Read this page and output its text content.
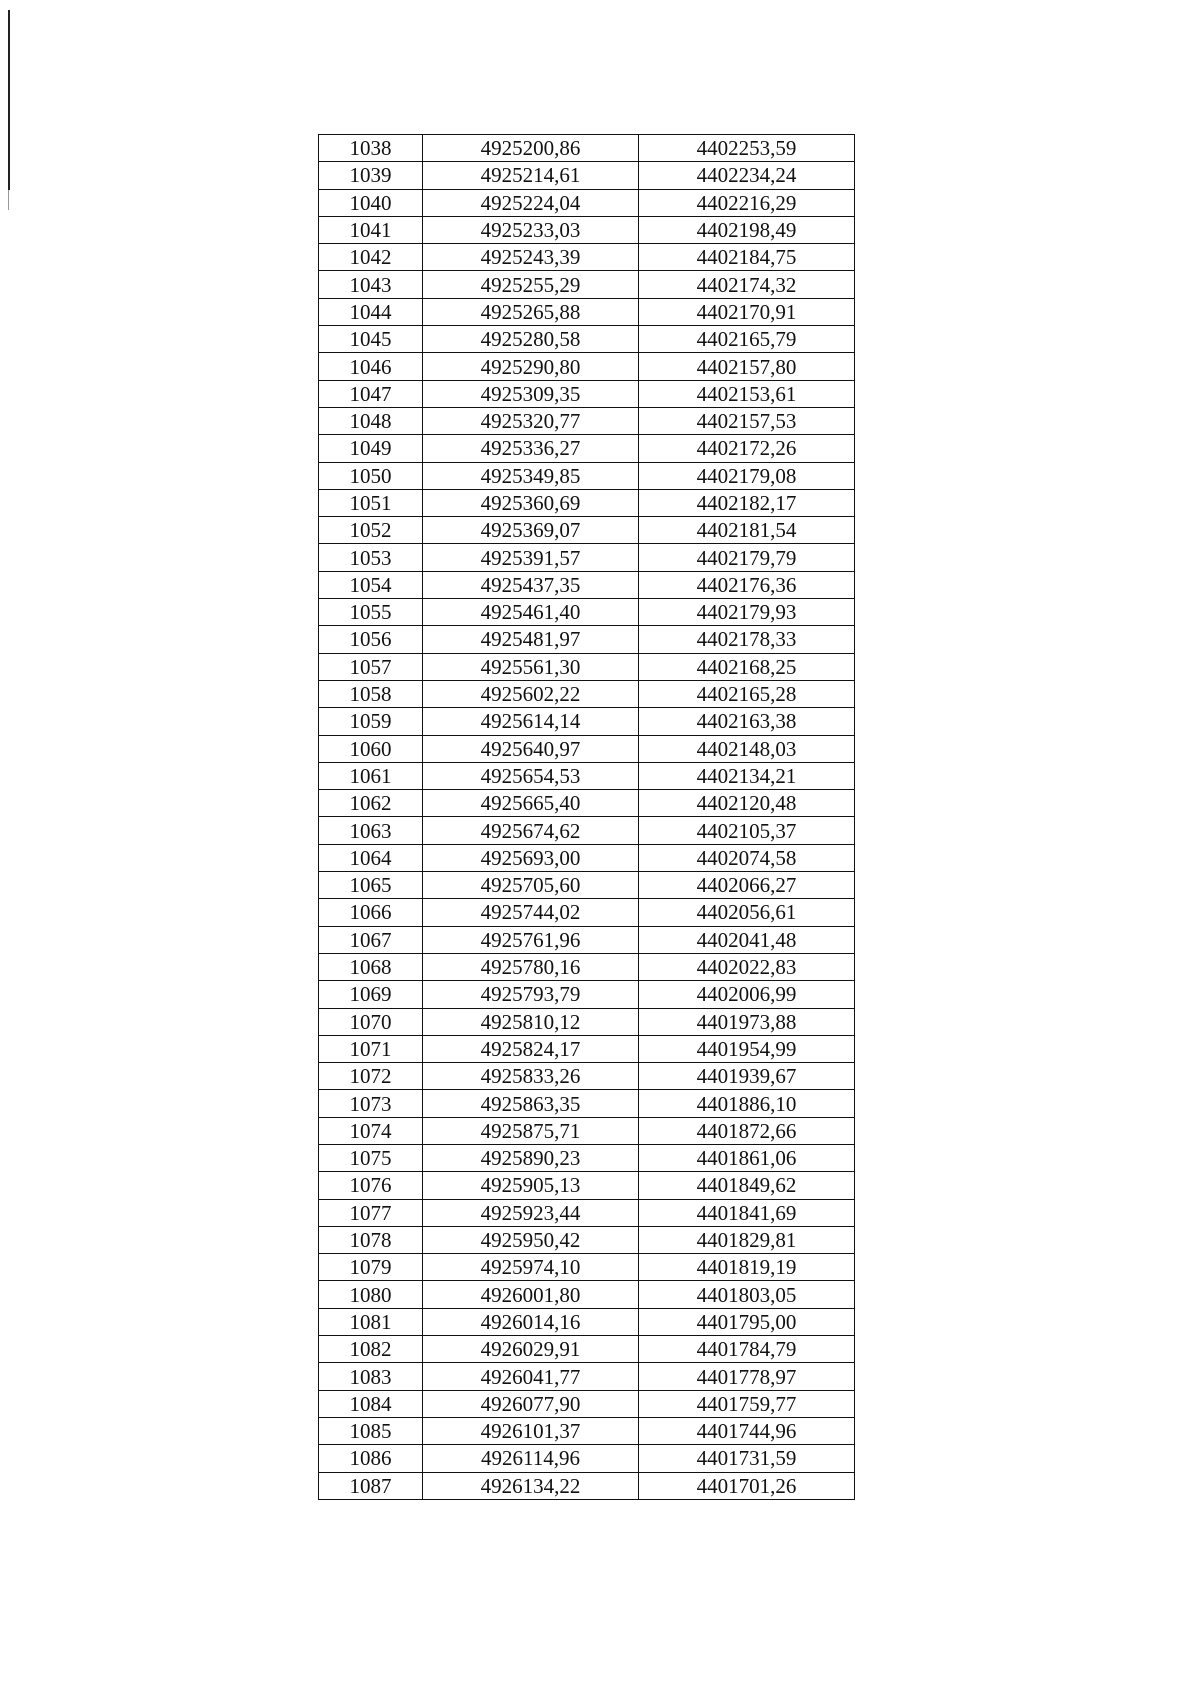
1038	4925200,86	4402253,59
1039	4925214,61	4402234,24
1040	4925224,04	4402216,29
1041	4925233,03	4402198,49
1042	4925243,39	4402184,75
1043	4925255,29	4402174,32
1044	4925265,88	4402170,91
1045	4925280,58	4402165,79
1046	4925290,80	4402157,80
1047	4925309,35	4402153,61
1048	4925320,77	4402157,53
1049	4925336,27	4402172,26
1050	4925349,85	4402179,08
1051	4925360,69	4402182,17
1052	4925369,07	4402181,54
1053	4925391,57	4402179,79
1054	4925437,35	4402176,36
1055	4925461,40	4402179,93
1056	4925481,97	4402178,33
1057	4925561,30	4402168,25
1058	4925602,22	4402165,28
1059	4925614,14	4402163,38
1060	4925640,97	4402148,03
1061	4925654,53	4402134,21
1062	4925665,40	4402120,48
1063	4925674,62	4402105,37
1064	4925693,00	4402074,58
1065	4925705,60	4402066,27
1066	4925744,02	4402056,61
1067	4925761,96	4402041,48
1068	4925780,16	4402022,83
1069	4925793,79	4402006,99
1070	4925810,12	4401973,88
1071	4925824,17	4401954,99
1072	4925833,26	4401939,67
1073	4925863,35	4401886,10
1074	4925875,71	4401872,66
1075	4925890,23	4401861,06
1076	4925905,13	4401849,62
1077	4925923,44	4401841,69
1078	4925950,42	4401829,81
1079	4925974,10	4401819,19
1080	4926001,80	4401803,05
1081	4926014,16	4401795,00
1082	4926029,91	4401784,79
1083	4926041,77	4401778,97
1084	4926077,90	4401759,77
1085	4926101,37	4401744,96
1086	4926114,96	4401731,59
1087	4926134,22	4401701,26
